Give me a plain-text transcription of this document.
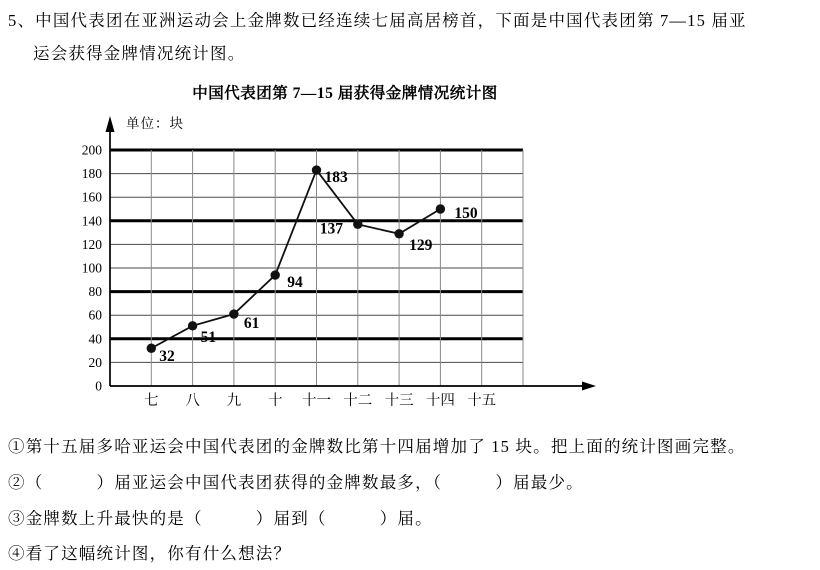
5、中国代表团在亚洲运动会上金牌数已经连续七届高居榜首，下面是中国代表团第 7—15 届亚
运会获得金牌情况统计图。
中国代表团第 7—15 届获得金牌情况统计图
单位：块
0
20
40
60
80
100
120
140
160
180
200
七 八 九 十 十一 十二 十三 十四 十五
32
51
61
94
183
137
129
150
①第十五届多哈亚运会中国代表团的金牌数比第十四届增加了 15 块。把上面的统计图画完整。
②（　　　）届亚运会中国代表团获得的金牌数最多，（　　　）届最少。
③金牌数上升最快的是（　　　）届到（　　　）届。
④看了这幅统计图，你有什么想法？
